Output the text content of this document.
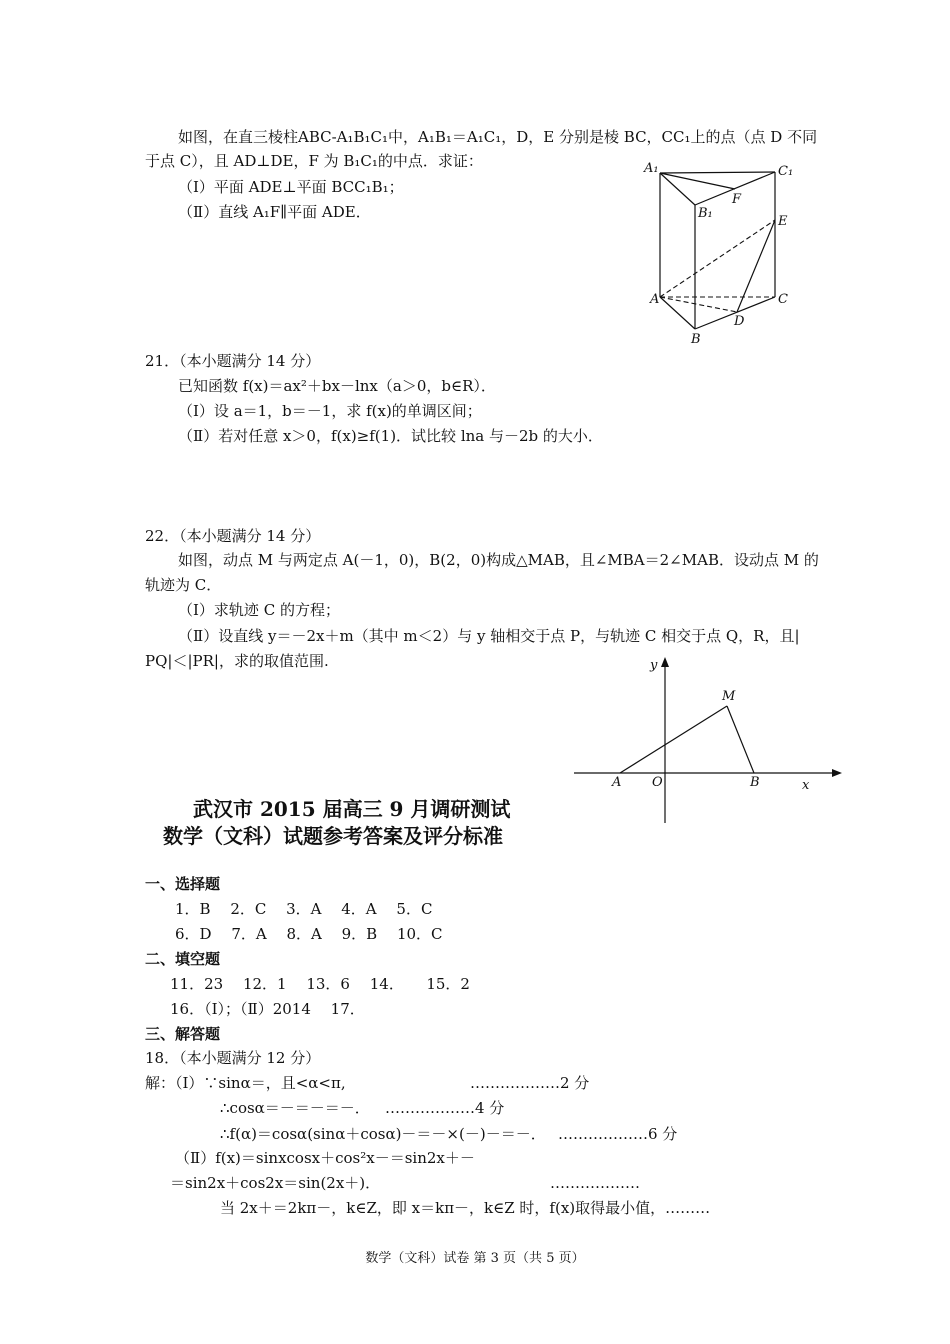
如图，在直三棱柱ABC-A₁B₁C₁中，A₁B₁＝A₁C₁，D，E 分别是棱 BC，CC₁上的点（点 D 不同
于点 C），且 AD⊥DE，F 为 B₁C₁的中点．求证：
（Ⅰ）平面 ADE⊥平面 BCC₁B₁；
（Ⅱ）直线 A₁F∥平面 ADE．
A₁	C₁
F
B₁
E
A	C
D
B
21．（本小题满分 14 分）
已知函数 f(x)＝ax²＋bx－lnx（a＞0，b∈R）．
（Ⅰ）设 a＝1，b＝－1，求 f(x)的单调区间；
（Ⅱ）若对任意 x＞0，f(x)≥f(1)．试比较 lna 与－2b 的大小．
22．（本小题满分 14 分）
如图，动点 M 与两定点 A(－1，0)，B(2，0)构成△MAB，且∠MBA＝2∠MAB．设动点 M 的
轨迹为 C．
（Ⅰ）求轨迹 C 的方程；
（Ⅱ）设直线 y＝－2x＋m（其中 m＜2）与 y 轴相交于点 P，与轨迹 C 相交于点 Q，R，且|
PQ|＜|PR|，求的取值范围.	y
x
M
A O	B
武汉市 2015 届高三 9 月调研测试
数学（文科）试题参考答案及评分标准
一、选择题
1．B　 2．C　 3．A　 4．A　 5．C
6．D　 7．A　 8．A　 9．B　 10．C
二、填空题
11．23　 12．1　 13．6　 14．　　15．2
16．（Ⅰ）；（Ⅱ）2014　 17．
三、解答题
18．（本小题满分 12 分）
解：（Ⅰ）∵sinα＝，且<α<π,	………………2 分
∴cosα＝－＝－＝－． ………………4 分
∴f(α)＝cosα(sinα＋cosα)－＝－×(－)－＝－． ………………6 分
（Ⅱ）f(x)＝sinxcosx＋cos²x－＝sin2x＋－
＝sin2x＋cos2x＝sin(2x＋)．	………………
当 2x＋＝2kπ－，k∈Z，即 x＝kπ－，k∈Z 时，f(x)取得最小值，………
数学（文科）试卷 第 3 页（共 5 页）
